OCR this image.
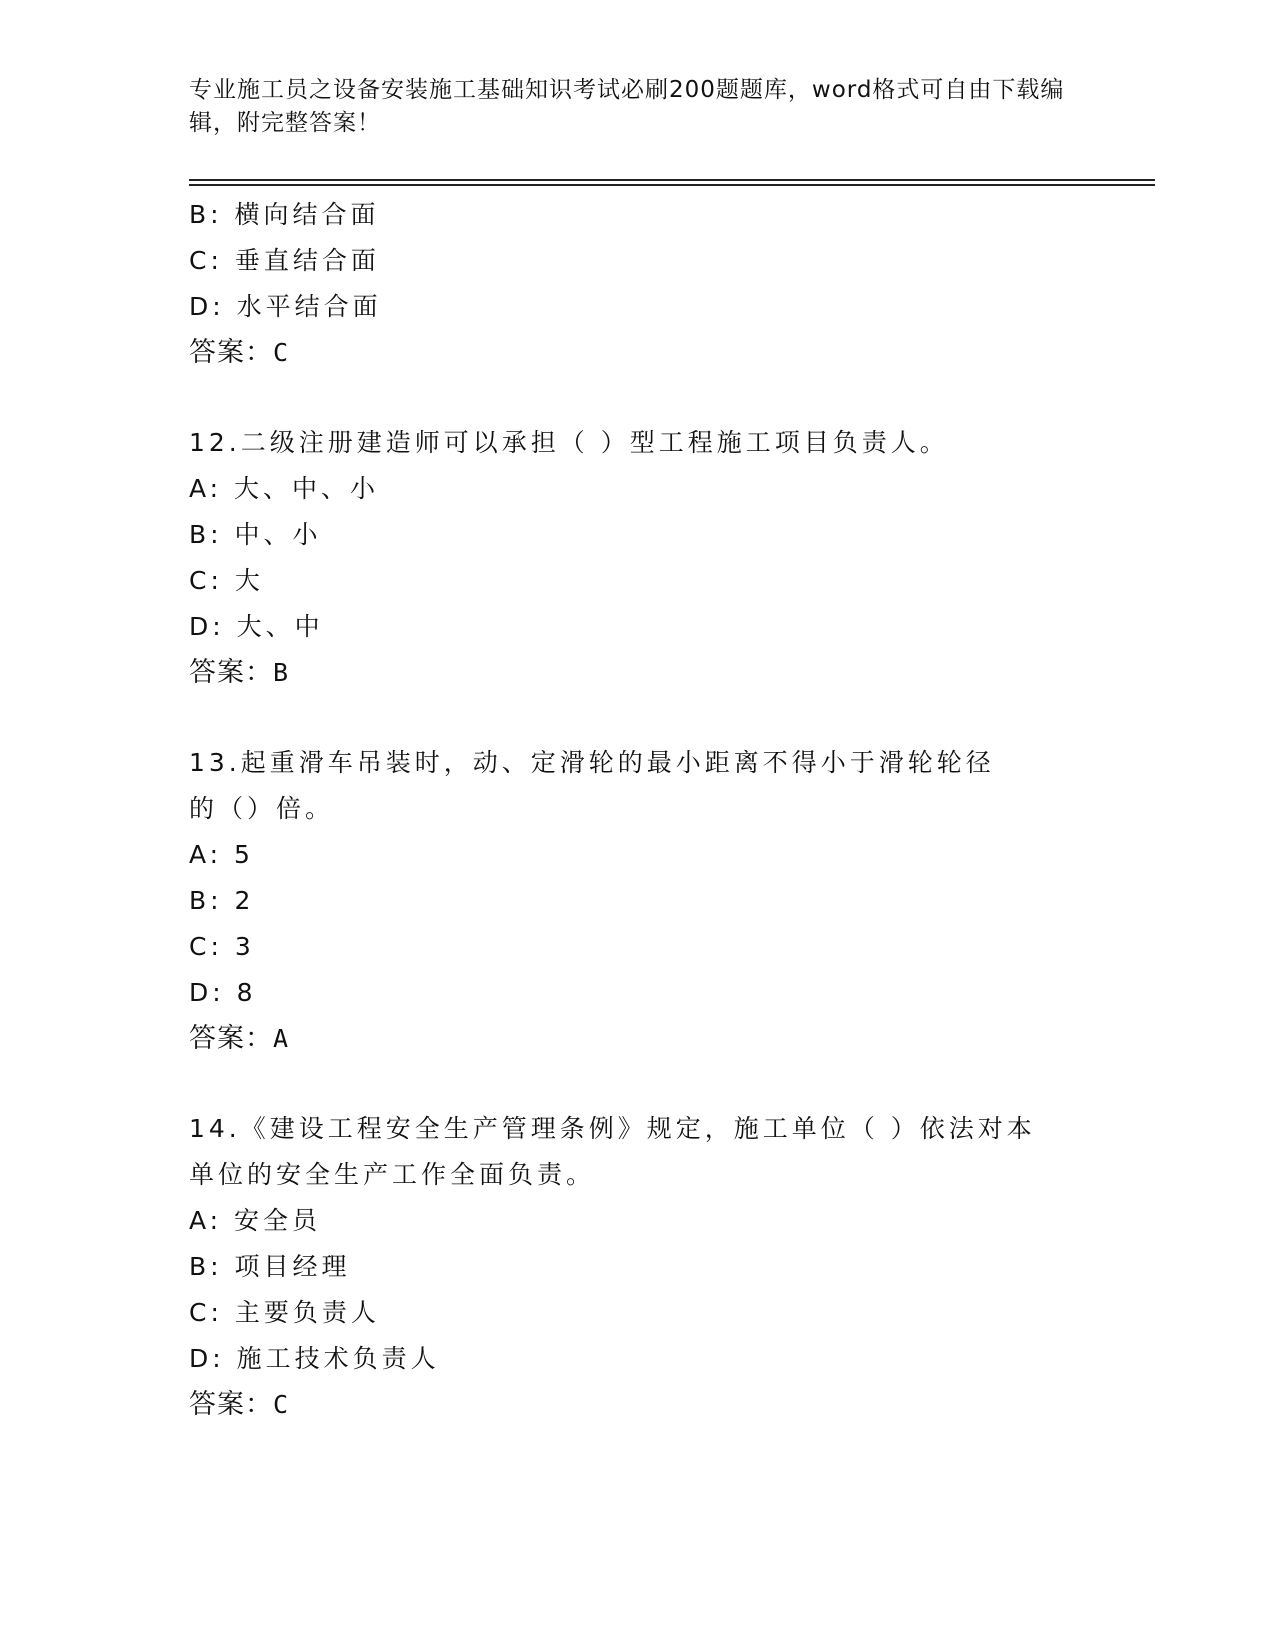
专业施工员之设备安装施工基础知识考试必刷200题题库，word格式可自由下载编辑，附完整答案！
B: 横向结合面
C: 垂直结合面
D: 水平结合面
答案：C
12.二级注册建造师可以承担（ ）型工程施工项目负责人。
A: 大、中、小
B: 中、小
C: 大
D: 大、中
答案：B
13.起重滑车吊装时，动、定滑轮的最小距离不得小于滑轮轮径的（）倍。
A: 5
B: 2
C: 3
D: 8
答案：A
14.《建设工程安全生产管理条例》规定，施工单位（ ）依法对本单位的安全生产工作全面负责。
A: 安全员
B: 项目经理
C: 主要负责人
D: 施工技术负责人
答案：C
